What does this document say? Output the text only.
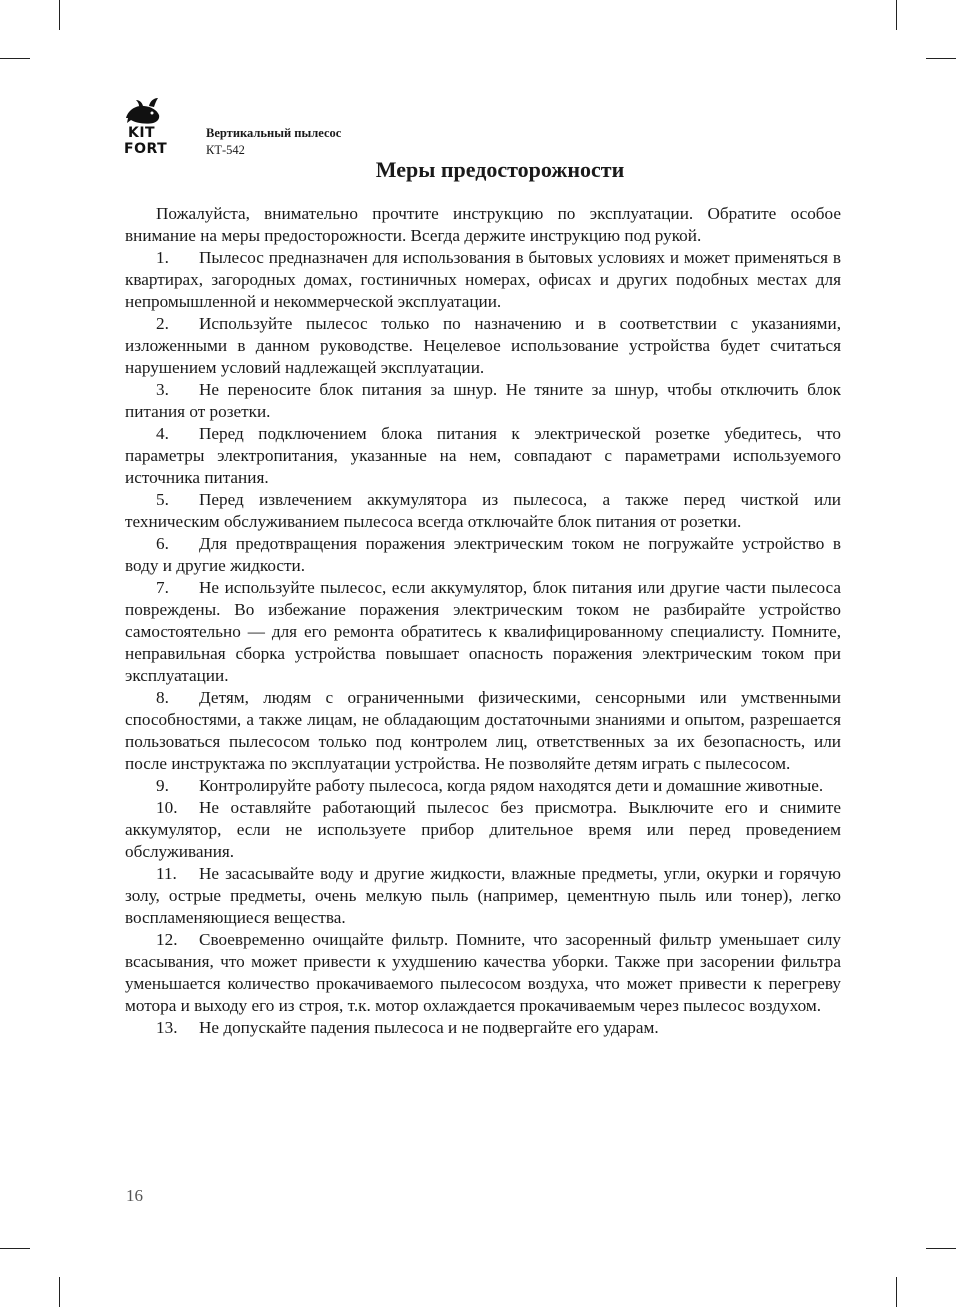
KIT
FORT
Вертикальный пылесос
КТ-542
Меры предосторожности

Пожалуйста, внимательно прочтите инструкцию по эксплуатации. Обратите особое внимание на меры предосторожности. Всегда держите инструкцию под рукой.

1. Пылесос предназначен для использования в бытовых условиях и может применяться в квартирах, загородных домах, гостиничных номерах, офисах и других подобных местах для непромышленной и некоммерческой эксплуатации.

2. Используйте пылесос только по назначению и в соответствии с указаниями, изложенными в данном руководстве. Нецелевое использование устройства будет считаться нарушением условий надлежащей эксплуатации.

3. Не переносите блок питания за шнур. Не тяните за шнур, чтобы отключить блок питания от розетки.

4. Перед подключением блока питания к электрической розетке убедитесь, что параметры электропитания, указанные на нем, совпадают с параметрами используемого источника питания.

5. Перед извлечением аккумулятора из пылесоса, а также перед чисткой или техническим обслуживанием пылесоса всегда отключайте блок питания от розетки.

6. Для предотвращения поражения электрическим током не погружайте устройство в воду и другие жидкости.

7. Не используйте пылесос, если аккумулятор, блок питания или другие части пылесоса повреждены. Во избежание поражения электрическим током не разбирайте устройство самостоятельно — для его ремонта обратитесь к квалифицированному специалисту. Помните, неправильная сборка устройства повышает опасность поражения электрическим током при эксплуатации.

8. Детям, людям с ограниченными физическими, сенсорными или умственными способностями, а также лицам, не обладающим достаточными знаниями и опытом, разрешается пользоваться пылесосом только под контролем лиц, ответственных за их безопасность, или после инструктажа по эксплуатации устройства. Не позволяйте детям играть с пылесосом.

9. Контролируйте работу пылесоса, когда рядом находятся дети и домашние животные.

10. Не оставляйте работающий пылесос без присмотра. Выключите его и снимите аккумулятор, если не используете прибор длительное время или перед проведением обслуживания.

11. Не засасывайте воду и другие жидкости, влажные предметы, угли, окурки и горячую золу, острые предметы, очень мелкую пыль (например, цементную пыль или тонер), легко воспламеняющиеся вещества.

12. Своевременно очищайте фильтр. Помните, что засоренный фильтр уменьшает силу всасывания, что может привести к ухудшению качества уборки. Также при засорении фильтра уменьшается количество прокачиваемого пылесосом воздуха, что может привести к перегреву мотора и выходу его из строя, т.к. мотор охлаждается прокачиваемым через пылесос воздухом.

13. Не допускайте падения пылесоса и не подвергайте его ударам.

16
